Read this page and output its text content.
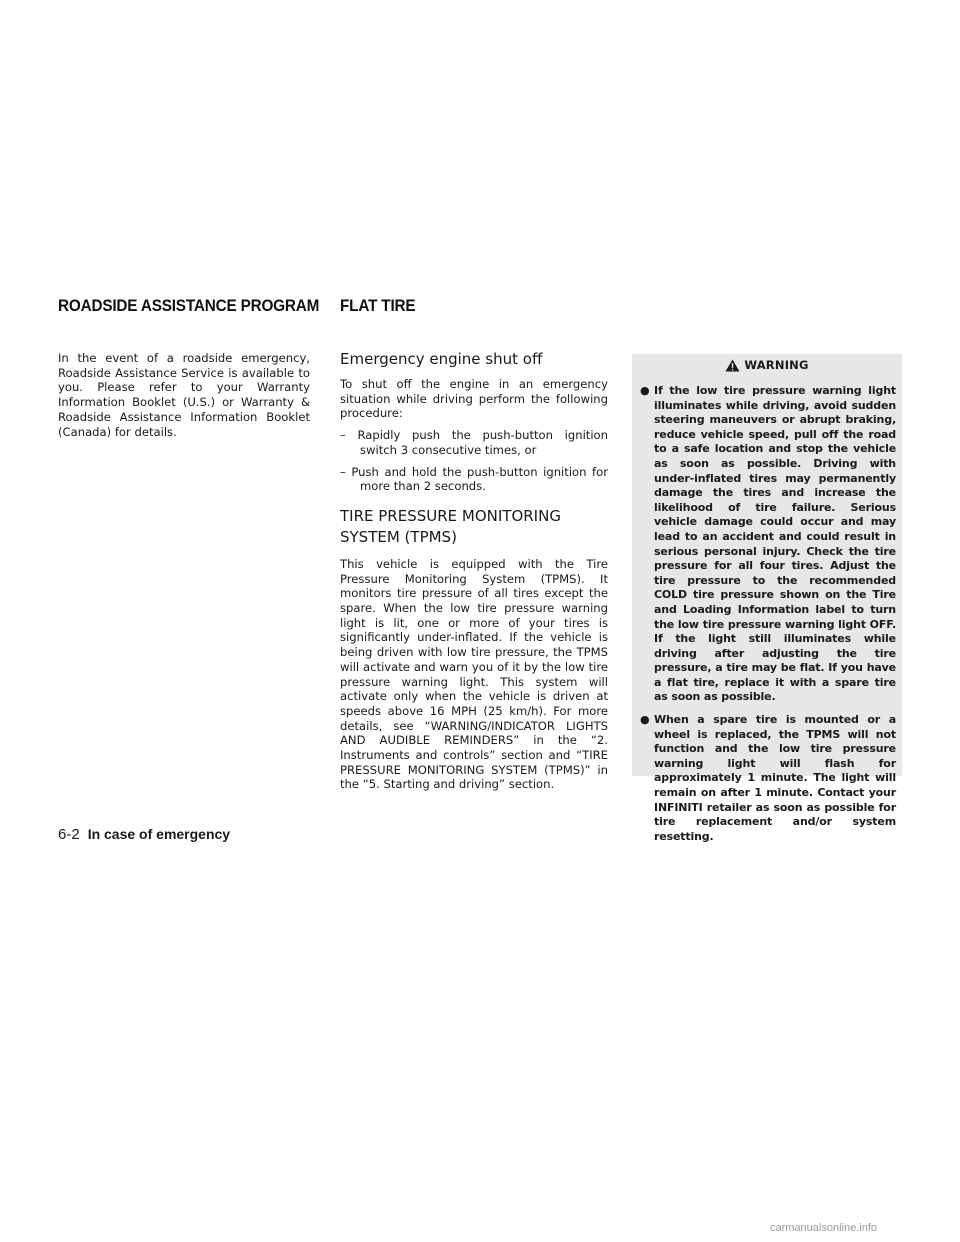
ROADSIDE ASSISTANCE PROGRAM FLAT TIRE

In the event of a roadside emergency, Roadside Assistance Service is available to you. Please refer to your Warranty Information Booklet (U.S.) or Warranty & Roadside Assistance Information Booklet (Canada) for details.

Emergency engine shut off

To shut off the engine in an emergency situation while driving perform the following procedure:

– Rapidly push the push-button ignition switch 3 consecutive times, or

– Push and hold the push-button ignition for more than 2 seconds.

TIRE PRESSURE MONITORING SYSTEM (TPMS)

This vehicle is equipped with the Tire Pressure Monitoring System (TPMS). It monitors tire pressure of all tires except the spare. When the low tire pressure warning light is lit, one or more of your tires is significantly under-inflated. If the vehicle is being driven with low tire pressure, the TPMS will activate and warn you of it by the low tire pressure warning light. This system will activate only when the vehicle is driven at speeds above 16 MPH (25 km/h). For more details, see “WARNING/INDICATOR LIGHTS AND AUDIBLE REMINDERS” in the “2. Instruments and controls” section and “TIRE PRESSURE MONITORING SYSTEM (TPMS)” in the “5. Starting and driving” section.

WARNING
● If the low tire pressure warning light illuminates while driving, avoid sudden steering maneuvers or abrupt braking, reduce vehicle speed, pull off the road to a safe location and stop the vehicle as soon as possible. Driving with under-inflated tires may permanently damage the tires and increase the likelihood of tire failure. Serious vehicle damage could occur and may lead to an accident and could result in serious personal injury. Check the tire pressure for all four tires. Adjust the tire pressure to the recommended COLD tire pressure shown on the Tire and Loading Information label to turn the low tire pressure warning light OFF. If the light still illuminates while driving after adjusting the tire pressure, a tire may be flat. If you have a flat tire, replace it with a spare tire as soon as possible.
● When a spare tire is mounted or a wheel is replaced, the TPMS will not function and the low tire pressure warning light will flash for approximately 1 minute. The light will remain on after 1 minute. Contact your INFINITI retailer as soon as possible for tire replacement and/or system resetting.
6-2 In case of emergency
carmanualsonline.info
